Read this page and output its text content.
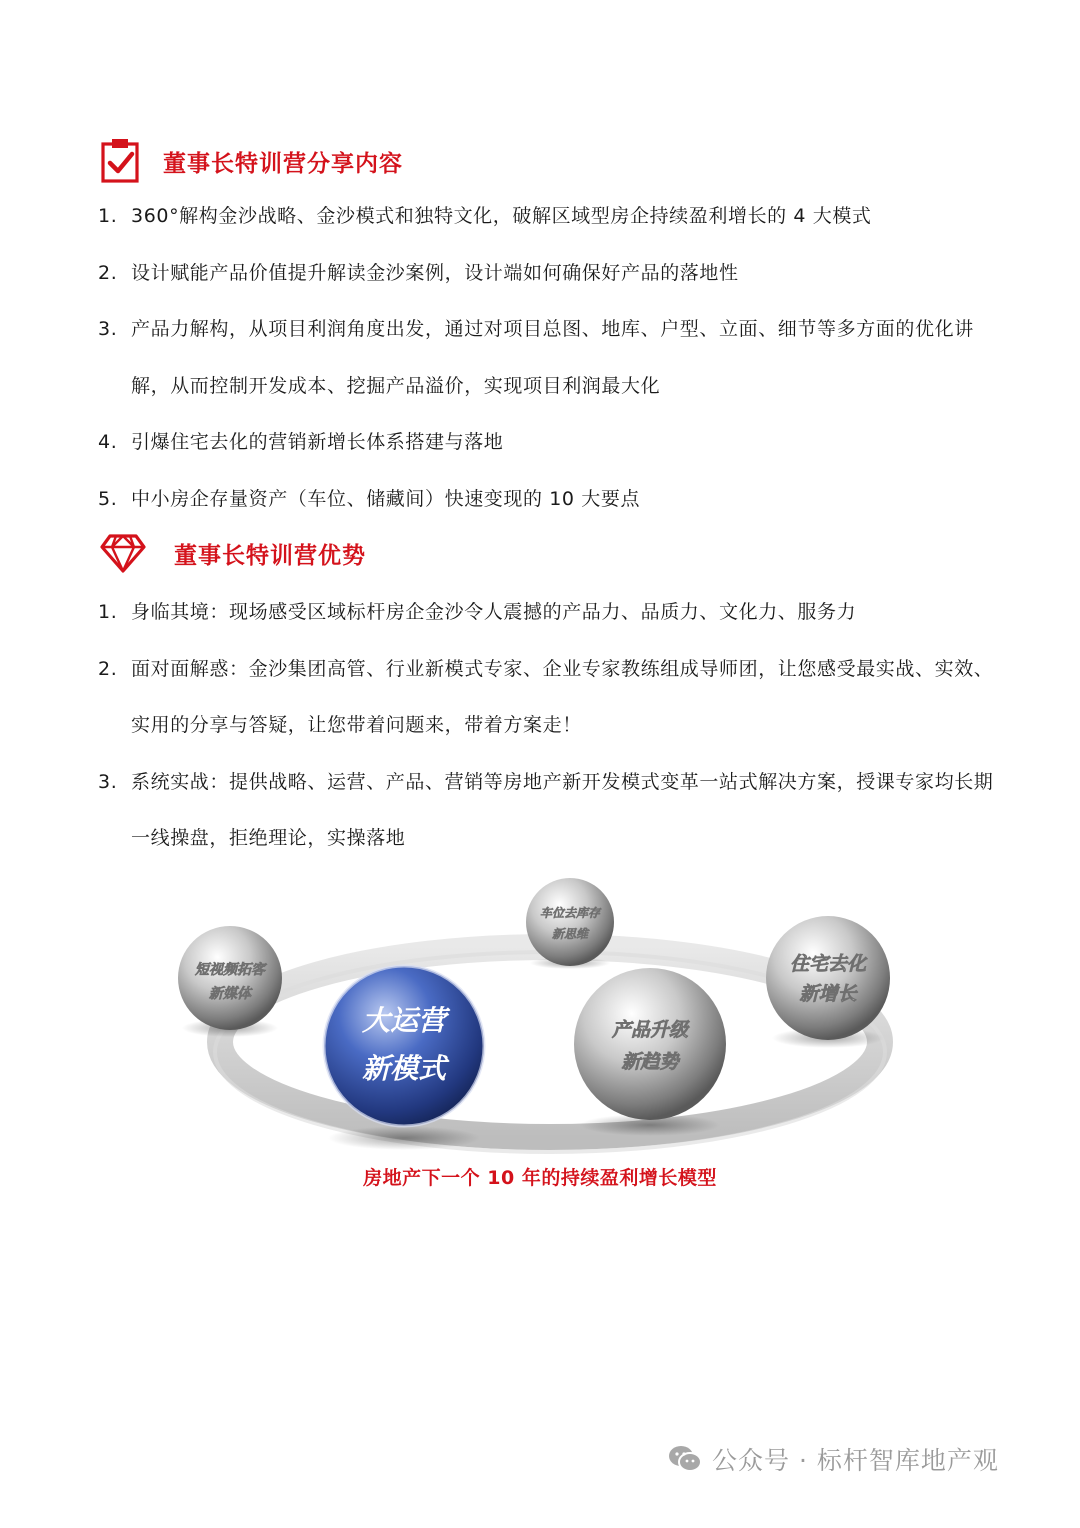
董事长特训营分享内容
1. 360°解构金沙战略、金沙模式和独特文化，破解区域型房企持续盈利增长的 4 大模式
2. 设计赋能产品价值提升解读金沙案例，设计端如何确保好产品的落地性
3. 产品力解构，从项目利润角度出发，通过对项目总图、地库、户型、立面、细节等多方面的优化讲解，从而控制开发成本、挖掘产品溢价，实现项目利润最大化
4. 引爆住宅去化的营销新增长体系搭建与落地
5. 中小房企存量资产（车位、储藏间）快速变现的 10 大要点
董事长特训营优势
1. 身临其境：现场感受区域标杆房企金沙令人震撼的产品力、品质力、文化力、服务力
2. 面对面解惑：金沙集团高管、行业新模式专家、企业专家教练组成导师团，让您感受最实战、实效、实用的分享与答疑，让您带着问题来，带着方案走！
3. 系统实战：提供战略、运营、产品、营销等房地产新开发模式变革一站式解决方案，授课专家均长期一线操盘，拒绝理论，实操落地
短视频拓客
新媒体
车位去库存
新思维
住宅去化
新增长
大运营
新模式
产品升级
新趋势
房地产下一个 10 年的持续盈利增长模型
公众号 · 标杆智库地产观
